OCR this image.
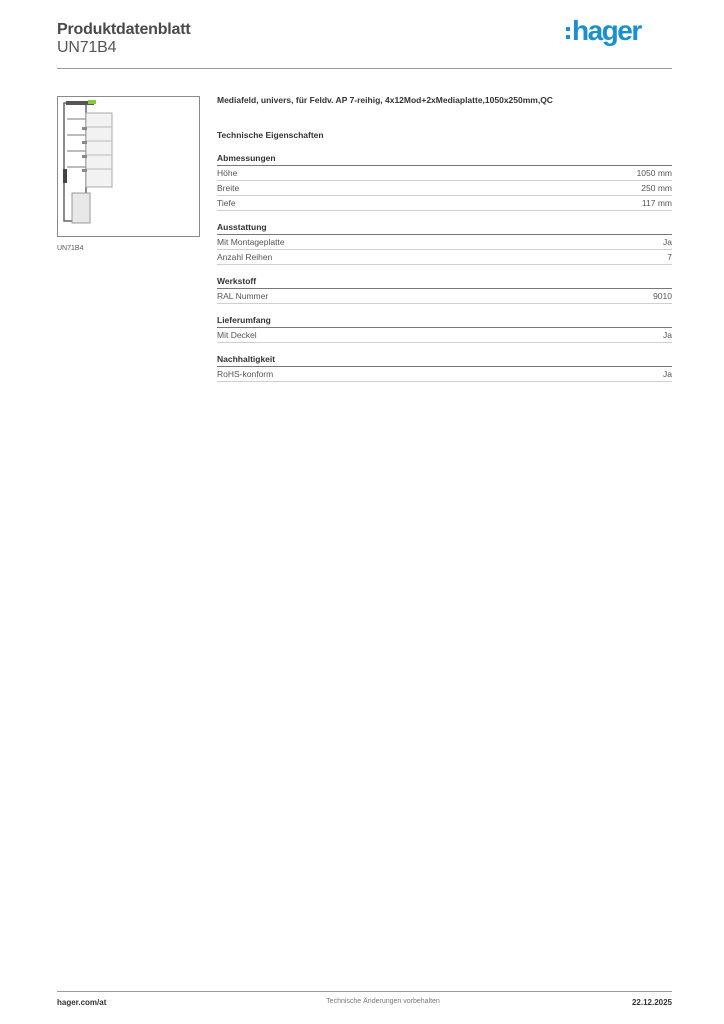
Produktdatenblatt
UN71B4
hager
UN71B4

Mediafeld, univers, für Feldv. AP 7-reihig, 4x12Mod+2xMediaplatte,1050x250mm,QC

Technische Eigenschaften
Abmessungen
Höhe	1050 mm
Breite	250 mm
Tiefe	117 mm
Ausstattung
Mit Montageplatte	Ja
Anzahl Reihen	7
Werkstoff
RAL Nummer	9010
Lieferumfang
Mit Deckel	Ja
Nachhaltigkeit
RoHS-konform	Ja
hager.com/at	Technische Änderungen vorbehalten	22.12.2025
